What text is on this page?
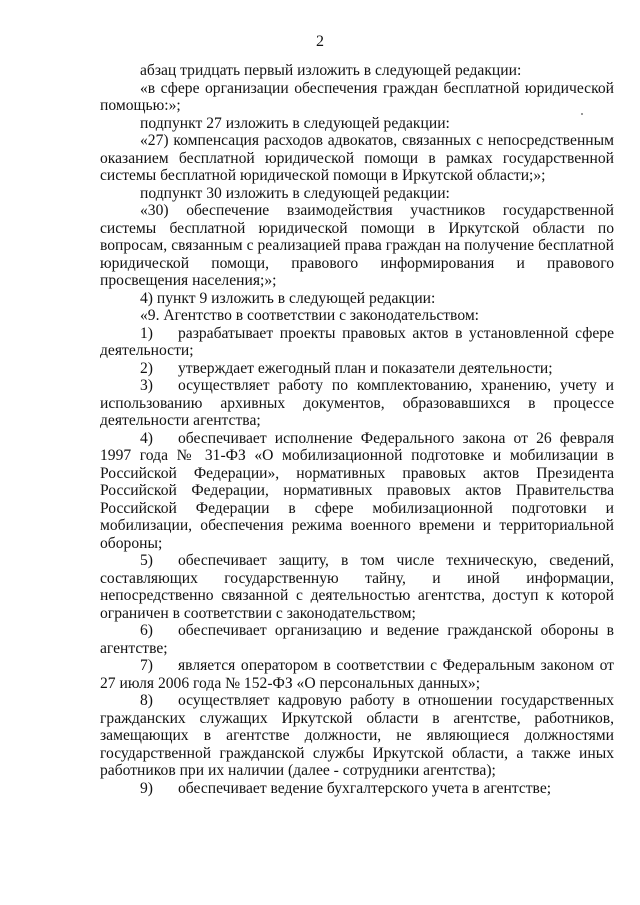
2

абзац тридцать первый изложить в следующей редакции:

«в сфере организации обеспечения граждан бесплатной юридической помощью:»;

подпункт 27 изложить в следующей редакции:

«27) компенсация расходов адвокатов, связанных с непосредственным оказанием бесплатной юридической помощи в рамках государственной системы бесплатной юридической помощи в Иркутской области;»;

подпункт 30 изложить в следующей редакции:

«30) обеспечение взаимодействия участников государственной системы бесплатной юридической помощи в Иркутской области по вопросам, связанным с реализацией права граждан на получение бесплатной юридической помощи, правового информирования и правового просвещения населения;»;

4) пункт 9 изложить в следующей редакции:

«9. Агентство в соответствии с законодательством:

1) разрабатывает проекты правовых актов в установленной сфере деятельности;

2) утверждает ежегодный план и показатели деятельности;

3) осуществляет работу по комплектованию, хранению, учету и использованию архивных документов, образовавшихся в процессе деятельности агентства;

4) обеспечивает исполнение Федерального закона от 26 февраля 1997 года № 31-ФЗ «О мобилизационной подготовке и мобилизации в Российской Федерации», нормативных правовых актов Президента Российской Федерации, нормативных правовых актов Правительства Российской Федерации в сфере мобилизационной подготовки и мобилизации, обеспечения режима военного времени и территориальной обороны;

5) обеспечивает защиту, в том числе техническую, сведений, составляющих государственную тайну, и иной информации, непосредственно связанной с деятельностью агентства, доступ к которой ограничен в соответствии с законодательством;

6) обеспечивает организацию и ведение гражданской обороны в агентстве;

7) является оператором в соответствии с Федеральным законом от 27 июля 2006 года № 152-ФЗ «О персональных данных»;

8) осуществляет кадровую работу в отношении государственных гражданских служащих Иркутской области в агентстве, работников, замещающих в агентстве должности, не являющиеся должностями государственной гражданской службы Иркутской области, а также иных работников при их наличии (далее - сотрудники агентства);

9) обеспечивает ведение бухгалтерского учета в агентстве;
